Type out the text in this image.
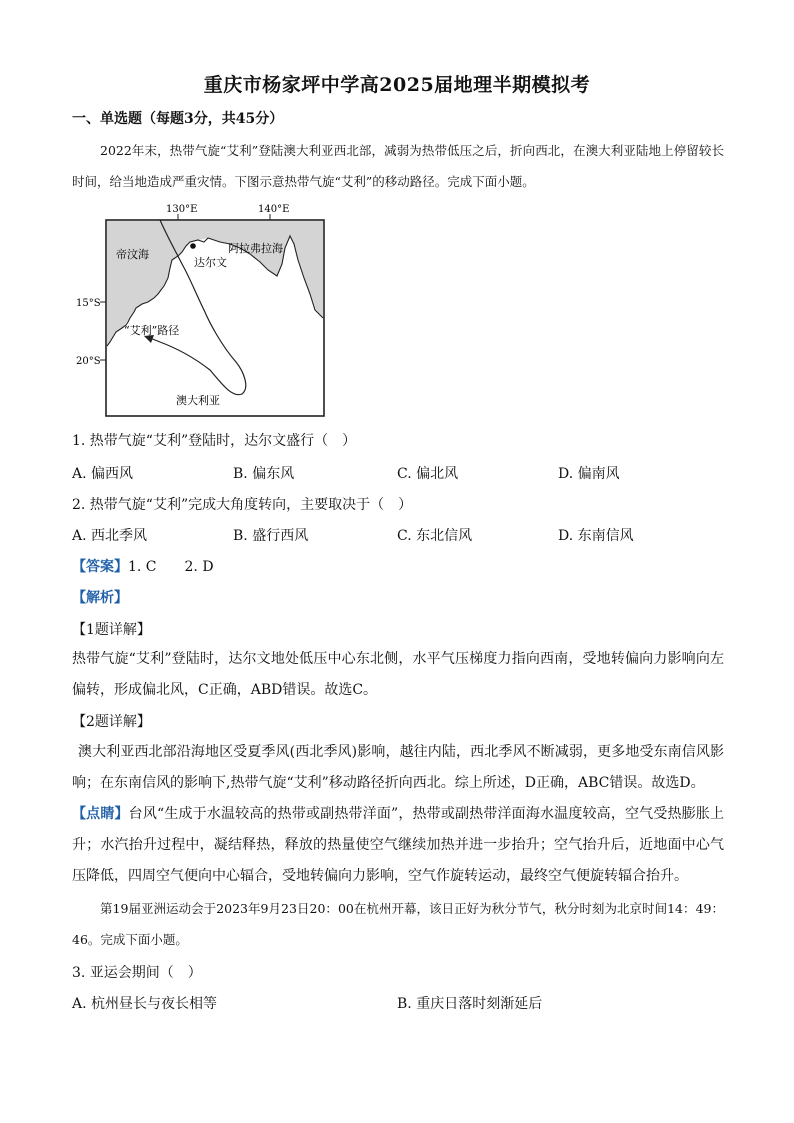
重庆市杨家坪中学高2025届地理半期模拟考
一、单选题（每题3分，共45分）
2022年末，热带气旋“艾利”登陆澳大利亚西北部，减弱为热带低压之后，折向西北，在澳大利亚陆地上停留较长时间，给当地造成严重灾情。下图示意热带气旋“艾利”的移动路径。完成下面小题。
130°E	140°E
15°S
20°S
帝汶海	阿拉弗拉海
达尔文
“艾利”路径
澳大利亚
1. 热带气旋“艾利”登陆时，达尔文盛行（　）
A. 偏西风	B. 偏东风	C. 偏北风	D. 偏南风
2. 热带气旋“艾利”完成大角度转向，主要取决于（　）
A. 西北季风	B. 盛行西风	C. 东北信风	D. 东南信风
【答案】1. C　　2. D
【解析】
【1题详解】
热带气旋“艾利”登陆时，达尔文地处低压中心东北侧，水平气压梯度力指向西南，受地转偏向力影响向左偏转，形成偏北风，C正确，ABD错误。故选C。
【2题详解】
澳大利亚西北部沿海地区受夏季风(西北季风)影响，越往内陆，西北季风不断减弱，更多地受东南信风影响；在东南信风的影响下,热带气旋“艾利”移动路径折向西北。综上所述，D正确，ABC错误。故选D。
【点睛】台风“生成于水温较高的热带或副热带洋面”，热带或副热带洋面海水温度较高，空气受热膨胀上升；水汽抬升过程中，凝结释热，释放的热量使空气继续加热并进一步抬升；空气抬升后，近地面中心气压降低，四周空气便向中心辐合，受地转偏向力影响，空气作旋转运动，最终空气便旋转辐合抬升。
第19届亚洲运动会于2023年9月23日20：00在杭州开幕，该日正好为秋分节气，秋分时刻为北京时间14：49：46。完成下面小题。
3. 亚运会期间（　）
A. 杭州昼长与夜长相等	B. 重庆日落时刻渐延后
